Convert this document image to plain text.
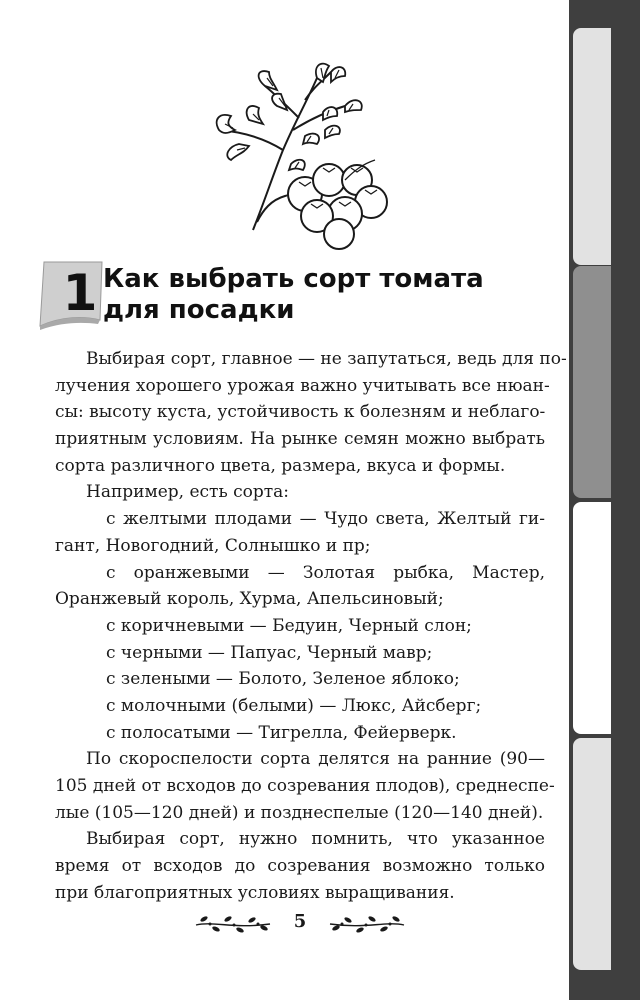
1 Как выбрать сорт томата
для посадки
Выбирая сорт, главное — не запутаться, ведь для по-
лучения хорошего урожая важно учитывать все нюан-
сы: высоту куста, устойчивость к болезням и неблаго-
приятным условиям. На рынке семян можно выбрать
сорта различного цвета, размера, вкуса и формы.
Например, есть сорта:
с желтыми плодами — Чудо света, Желтый ги-
гант, Новогодний, Солнышко и пр;
с оранжевыми — Золотая рыбка, Мастер,
Оранжевый король, Хурма, Апельсиновый;
с коричневыми — Бедуин, Черный слон;
с черными — Папуас, Черный мавр;
с зелеными — Болото, Зеленое яблоко;
с молочными (белыми) — Люкс, Айсберг;
с полосатыми — Тигрелла, Фейерверк.
По скороспелости сорта делятся на ранние (90—
105 дней от всходов до созревания плодов), среднеспе-
лые (105—120 дней) и позднеспелые (120—140 дней).
Выбирая сорт, нужно помнить, что указанное
время от всходов до созревания возможно только
при благоприятных условиях выращивания.
5
